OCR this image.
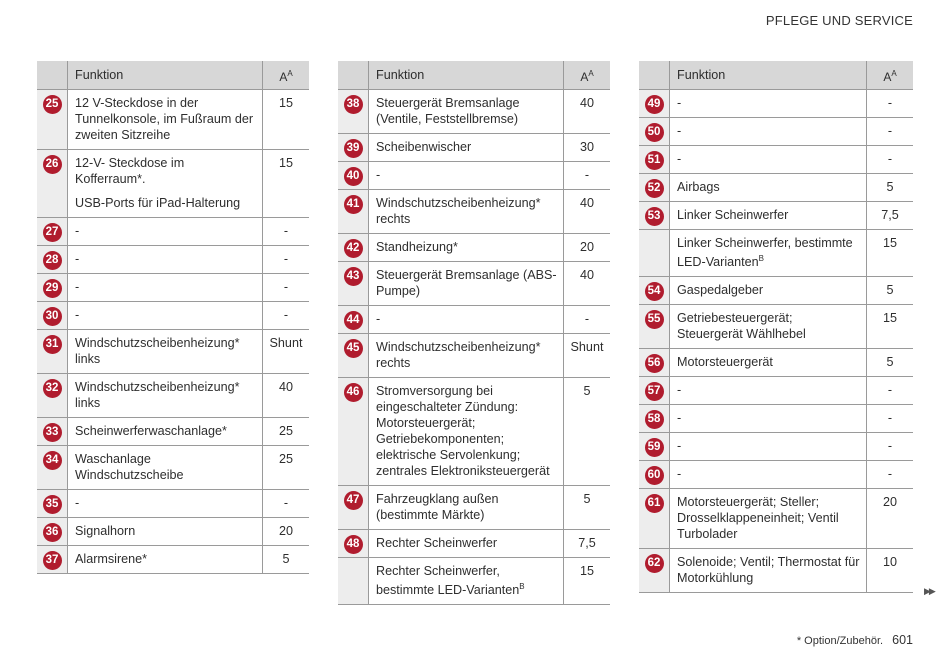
PFLEGE UND SERVICE
	Funktion	$A^A$
25	12 V-Steckdose in der Tunnelkonsole, im Fußraum der zweiten Sitzreihe	15
26	12-V- Steckdose im Kofferraum*.
USB-Ports für iPad-Halterung	15
27	-	-
28	-	-
29	-	-
30	-	-
31	Windschutzscheibenheizung* links	Shunt
32	Windschutzscheibenheizung* links	40
33	Scheinwerferwaschanlage*	25
34	Waschanlage Windschutzscheibe	25
35	-	-
36	Signalhorn	20
37	Alarmsirene*	5
	Funktion	$A^A$
38	Steuergerät Bremsanlage (Ventile, Feststellbremse)	40
39	Scheibenwischer	30
40	-	-
41	Windschutzscheibenheizung* rechts	40
42	Standheizung*	20
43	Steuergerät Bremsanlage (ABS-Pumpe)	40
44	-	-
45	Windschutzscheibenheizung* rechts	Shunt
46	Stromversorgung bei eingeschalteter Zündung: Motorsteuergerät; Getriebekomponenten; elektrische Servolenkung; zentrales Elektroniksteuergerät	5
47	Fahrzeugklang außen (bestimmte Märkte)	5
48	Rechter Scheinwerfer	7,5
	Rechter Scheinwerfer, bestimmte LED-Varianten$^B$	15
	Funktion	$A^A$
49	-	-
50	-	-
51	-	-
52	Airbags	5
53	Linker Scheinwerfer	7,5
	Linker Scheinwerfer, bestimmte LED-Varianten$^B$	15
54	Gaspedalgeber	5
55	Getriebesteuergerät; Steuergerät Wählhebel	15
56	Motorsteuergerät	5
57	-	-
58	-	-
59	-	-
60	-	-
61	Motorsteuergerät; Steller; Drosselklappeneinheit; Ventil Turbolader	20
62	Solenoide; Ventil; Thermostat für Motorkühlung	10
▶▶
* Option/Zubehör. 601
